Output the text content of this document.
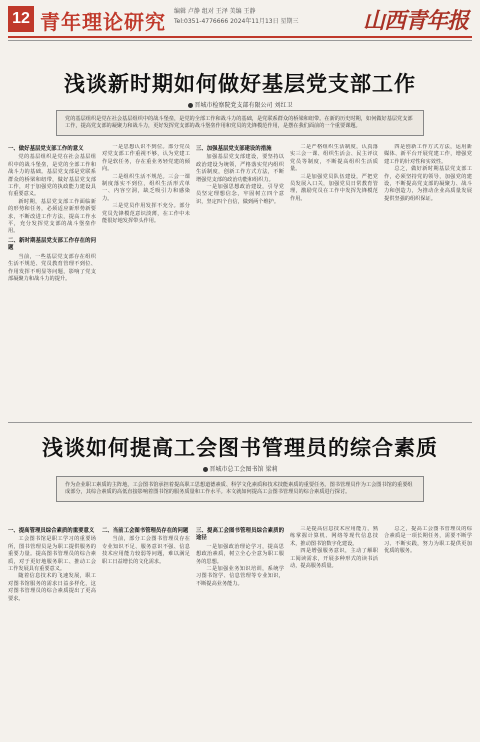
12 青年理论研究 编辑 卢静 组对 王泽 美编 王静
Tel:0351-4776666 2024年11月13日 星期三	山西青年报
浅谈新时期如何做好基层党支部工作
晋城市检察院党支部有限公司 刘红卫
党的基层组织是党在社会基层组织中的战斗堡垒，是党的全部工作和战斗力的基础，是党联系群众的桥梁和纽带。在新的历史时期，如何做好基层党支部工作，提高党支部的凝聚力和战斗力，更好发挥党支部的战斗堡垒作用和党员的先锋模范作用，是摆在我们面前的一个重要课题。
一、做好基层党支部工作的意义

党的基层组织是党在社会基层组织中的战斗堡垒，是党的全部工作和战斗力的基础。基层党支部是党联系群众的桥梁和纽带，做好基层党支部工作，对于加强党的执政能力建设具有重要意义。

新时期，基层党支部工作面临新的形势和任务，必须适应新形势新要求，不断改进工作方法，提高工作水平，充分发挥党支部的战斗堡垒作用。

二、新时期基层党支部工作存在的问题

当前，一些基层党支部存在组织生活不规范、党员教育管理不到位、作用发挥不明显等问题，影响了党支部凝聚力和战斗力的提升。

一是思想认识不到位。部分党员对党支部工作重视不够，认为党建工作是软任务，存在重业务轻党建的倾向。

二是组织生活不规范。三会一课制度落实不到位，组织生活形式单一、内容空洞，缺乏吸引力和感染力。

三是党员作用发挥不充分。部分党员先锋模范意识淡薄，在工作中未能很好地发挥带头作用。

三、加强基层党支部建设的措施

加强基层党支部建设，要坚持以政治建设为统领，严格落实党内组织生活制度，创新工作方式方法，不断增强党支部的政治功能和组织力。

一是加强思想政治建设，引导党员坚定理想信念，牢固树立四个意识，坚定四个自信，做到两个维护。

二是严格组织生活制度，认真落实三会一课、组织生活会、民主评议党员等制度，不断提高组织生活质量。

三是加强党员队伍建设，严把党员发展入口关，加强党员日常教育管理，激励党员在工作中发挥先锋模范作用。

四是创新工作方式方法，运用新媒体、新平台开展党建工作，增强党建工作的针对性和实效性。

总之，做好新时期基层党支部工作，必须坚持党的领导，加强党的建设，不断提高党支部的凝聚力、战斗力和创造力，为推动企业高质量发展提供坚强的组织保证。

浅谈如何提高工会图书管理员的综合素质
晋城市总工会图书馆 梁莉
作为企业职工素质的主阵地，工会图书馆承担着提高职工思想道德素质、科学文化素质和技术技能素质的重要任务。图书管理员作为工会图书馆的重要组成部分，其综合素质的高低直接影响着图书馆的服务质量和工作水平。本文就如何提高工会图书管理员的综合素质进行探讨。
一、提高管理员综合素质的重要意义

工会图书馆是职工学习的重要场所，图书管理员是为职工提供服务的重要力量。提高图书管理员的综合素质，对于更好地服务职工、推动工会工作发展具有重要意义。

随着信息技术的飞速发展，职工对图书馆服务的需求日益多样化，这对图书管理员的综合素质提出了更高要求。

二、当前工会图书管理员存在的问题

当前，部分工会图书管理员存在专业知识不足、服务意识不强、信息技术应用能力较弱等问题，难以满足职工日益增长的文化需求。

三、提高工会图书管理员综合素质的途径

一是加强政治理论学习，提高思想政治素质，树立全心全意为职工服务的思想。

二是加强业务知识培训，系统学习图书馆学、信息管理等专业知识，不断提高业务能力。

三是提高信息技术应用能力，熟练掌握计算机、网络等现代信息技术，推动图书馆数字化建设。

四是增强服务意识，主动了解职工阅读需求，开展多种形式的读书活动，提高服务质量。

总之，提高工会图书管理员的综合素质是一项长期任务，需要不断学习、不断实践，努力为职工提供更加优质的服务。
